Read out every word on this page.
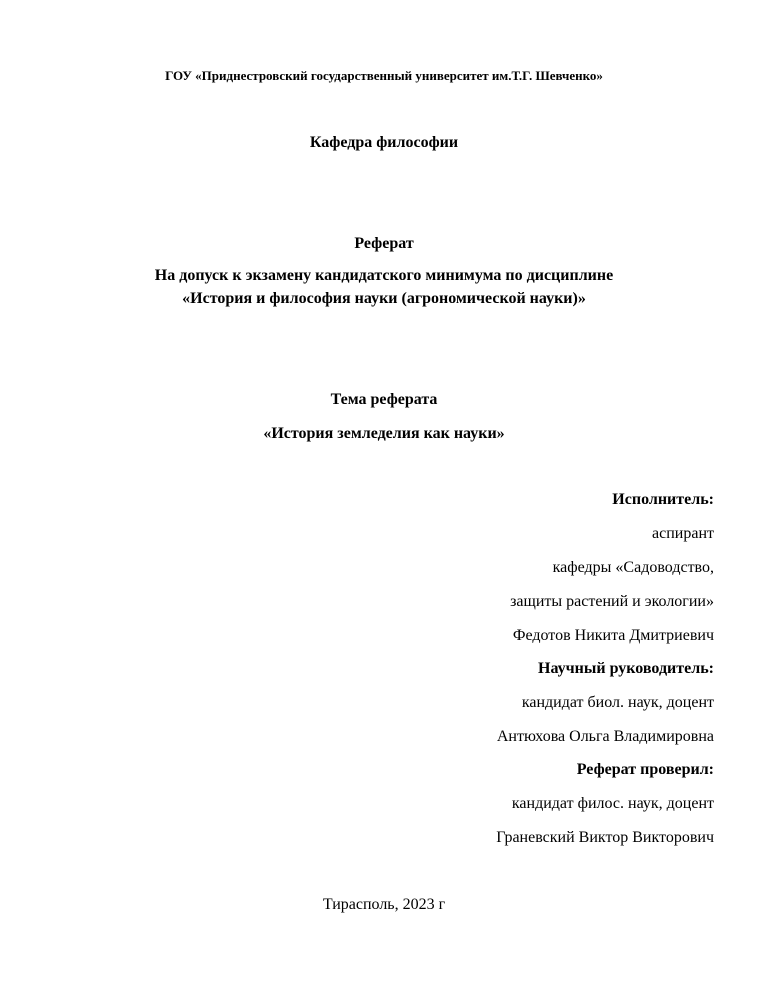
ГОУ «Приднестровский государственный университет им.Т.Г. Шевченко»
Кафедра философии
Реферат
На допуск к экзамену кандидатского минимума по дисциплине
«История и философия науки (агрономической науки)»
Тема реферата
«История земледелия как науки»
Исполнитель:
аспирант
кафедры «Садоводство,
защиты растений и экологии»
Федотов Никита Дмитриевич
Научный руководитель:
кандидат биол. наук, доцент
Антюхова Ольга Владимировна
Реферат проверил:
кандидат филос. наук, доцент
Граневский Виктор Викторович
Тирасполь, 2023 г
